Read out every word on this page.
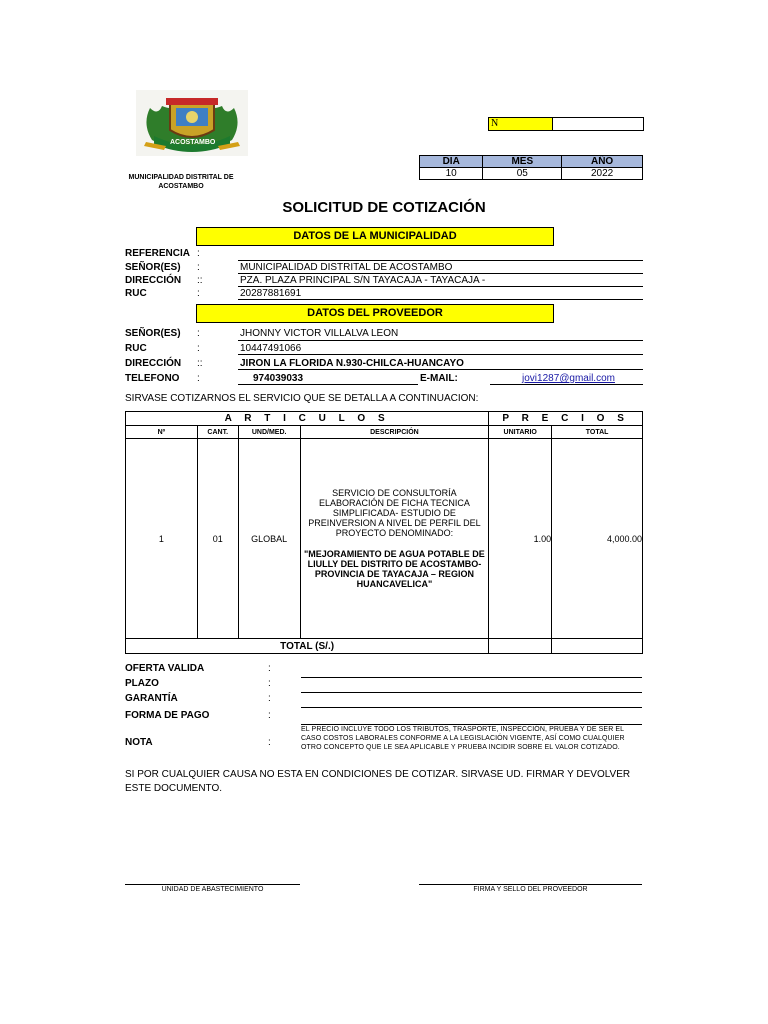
ACOSTAMBO
MUNICIPALIDAD DISTRITAL DE ACOSTAMBO
N
DIA	MES	AÑO
10	05	2022
SOLICITUD DE COTIZACIÓN
DATOS DE LA MUNICIPALIDAD
REFERENCIA :
SEÑOR(ES) :	MUNICIPALIDAD DISTRITAL DE ACOSTAMBO
DIRECCIÓN ::	PZA. PLAZA PRINCIPAL S/N TAYACAJA - TAYACAJA -
RUC	:	20287881691
DATOS DEL PROVEEDOR
SEÑOR(ES) :	JHONNY VICTOR VILLALVA LEON
RUC	:	10447491066
DIRECCIÓN ::	JIRON LA FLORIDA N.930-CHILCA-HUANCAYO
TELEFONO :	974039033	E-MAIL:	jovi1287@gmail.com
SIRVASE COTIZARNOS EL SERVICIO QUE SE DETALLA A CONTINUACION:
A R T I C U L O S				P R E C I O S	
Nº	CANT.	UND/MED.	DESCRIPCIÓN	UNITARIO	TOTAL
1	01	GLOBAL	SERVICIO DE CONSULTORÍA ELABORACIÓN DE FICHA TECNICA SIMPLIFICADA- ESTUDIO DE PREINVERSION A NIVEL DE PERFIL DEL PROYECTO DENOMINADO:
"MEJORAMIENTO DE AGUA POTABLE DE LIULLY DEL DISTRITO DE ACOSTAMBO- PROVINCIA DE TAYACAJA – REGION HUANCAVELICA"	1.00	4,000.00
TOTAL (S/.)					
OFERTA VALIDA	:
PLAZO	:
GARANTÍA	:
FORMA DE PAGO	:
NOTA	:
EL PRECIO INCLUYE TODO LOS TRIBUTOS, TRASPORTE, INSPECCIÓN, PRUEBA Y DE SER EL CASO COSTOS LABORALES CONFORME A LA LEGISLACIÓN VIGENTE, ASÍ COMO CUALQUIER OTRO CONCEPTO QUE LE SEA APLICABLE Y PRUEBA INCIDIR SOBRE EL VALOR COTIZADO.
SI POR CUALQUIER CAUSA NO ESTA EN CONDICIONES DE COTIZAR. SIRVASE UD. FIRMAR Y DEVOLVER ESTE DOCUMENTO.
UNIDAD DE ABASTECIMIENTO	FIRMA Y SELLO DEL PROVEEDOR
